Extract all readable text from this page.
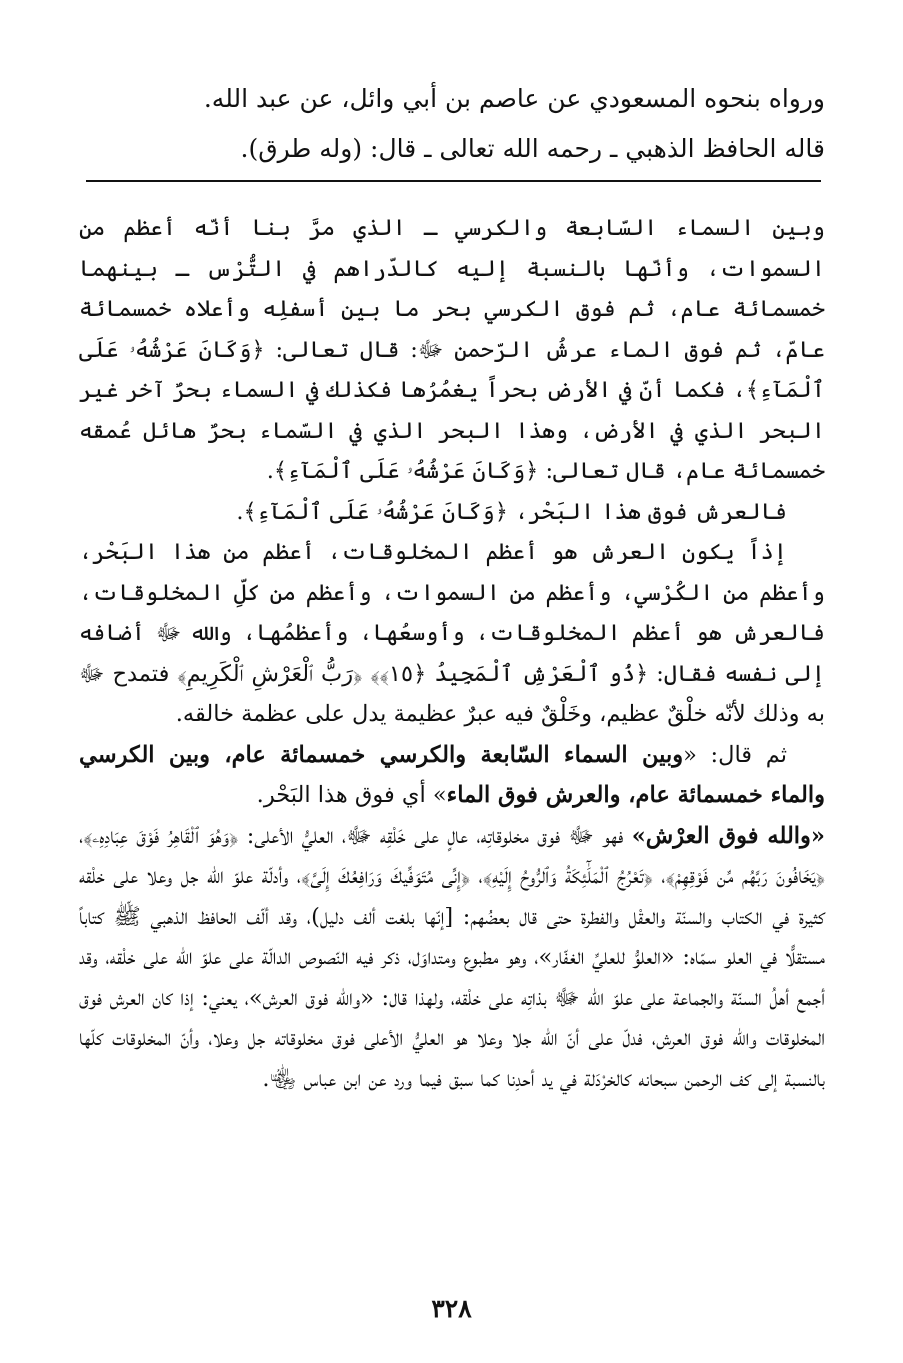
ورواه بنحوه المسعودي عن عاصم بن أبي وائل، عن عبد الله.

قاله الحافظ الذهبي ـ رحمه الله تعالى ـ قال: (وله طرق).

وبين السماء السّابعة والكرسي ـ الذي مرَّ بنا أنّه أعظم من السموات، وأنّها بالنسبة إليه كالدّراهم في التُّرْس ـ بينهما خمسمائة عام، ثم فوق الكرسي بحر ما بين أسفلِه وأعلاه خمسمائة عامّ، ثم فوق الماء عرشُ الرّحمن ﷻ: قال تعالى: ﴿وَكَانَ عَرْشُهُۥ عَلَى ٱلْمَآءِ﴾، فكما أنّ في الأرض بحراً يغمُرُها فكذلك في السماء بحرٌ آخر غير البحر الذي في الأرض، وهذا البحر الذي في السّماء بحرٌ هائل عُمقه خمسمائة عام، قال تعالى: ﴿وَكَانَ عَرْشُهُۥ عَلَى ٱلْمَآءِ﴾.

فالعرش فوق هذا البَحْر، ﴿وَكَانَ عَرْشُهُۥ عَلَى ٱلْمَآءِ﴾.

إذاً يكون العرش هو أعظم المخلوقات، أعظم من هذا البَحْر، وأعظم من الكُرْسي، وأعظم من السموات، وأعظم من كلِّ المخلوقات، فالعرش هو أعظم المخلوقات، وأوسعُها، وأعظمُها، والله ﷻ أضافه إلى نفسه فقال: ﴿ذُو ٱلْعَرْشِ ٱلْمَجِيدُ ﴿١٥﴾﴾ ﴿رَبُّ ٱلْعَرْشِ ٱلْكَرِيمِ﴾ فتمدح ﷻ به وذلك لأنّه خلْقٌ عظيم، وخَلْقٌ فيه عبرٌ عظيمة يدل على عظمة خالقه.

ثم قال: «وبين السماء السّابعة والكرسي خمسمائة عام، وبين الكرسي والماء خمسمائة عام، والعرش فوق الماء» أي فوق هذا البَحْر.

«والله فوق العرْش» فهو ﷻ فوق مخلوقاتِه، عالٍ على خَلْقِه ﷻ، العليُّ الأعلى: ﴿وَهُوَ ٱلْقَاهِرُ فَوْقَ عِبَادِهِۦ﴾، ﴿يَخَافُونَ رَبَّهُم مِّن فَوْقِهِمْ﴾، ﴿تَعْرُجُ ٱلْمَلَٰٓئِكَةُ وَٱلرُّوحُ إِلَيْهِ﴾، ﴿إِنِّى مُتَوَفِّيكَ وَرَافِعُكَ إِلَىَّ﴾، وأدلّة علوّ الله جل وعلا على خلْقه كثيرة في الكتاب والسنّة والعقْل والفطرة حتى قال بعضُهم: [إنّها بلغت ألف دليل)، وقد ألّف الحافظ الذهبي ﷺ كتاباً مستقلًّا في العلو سمّاه: «العلوُّ للعليِّ الغفّار»، وهو مطبوع ومتداوَل، ذكر فيه النّصوص الدالّة على علوّ الله على خلْقه، وقد أجمع أهلُ السنّة والجماعة على علوّ الله ﷻ بذاتِه على خلْقه، ولهذا قال: «والله فوق العرش»، يعني: إذا كان العرش فوق المخلوقات والله فوق العرش، فدلّ على أنّ الله جلا وعلا هو العليُّ الأعلى فوق مخلوقاته جل وعلا، وأنّ المخلوقات كلّها بالنسبة إلى كف الرحمن سبحانه كالخرْدَلة في يد أحدِنا كما سبق فيما ورد عن ابن عباس ﵄.

٣٢٨
